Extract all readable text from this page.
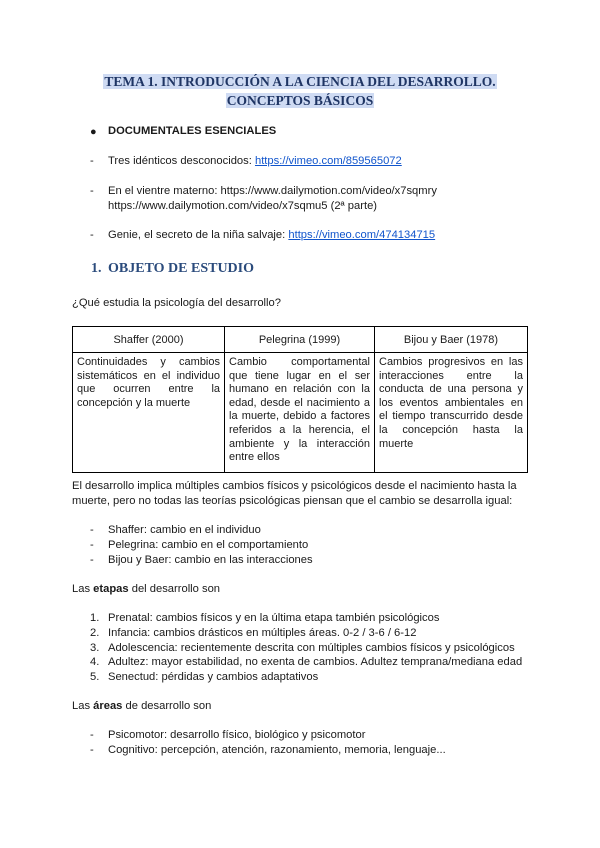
TEMA 1. INTRODUCCIÓN A LA CIENCIA DEL DESARROLLO.
CONCEPTOS BÁSICOS
● DOCUMENTALES ESENCIALES
- Tres idénticos desconocidos: https://vimeo.com/859565072
- En el vientre materno: https://www.dailymotion.com/video/x7sqmry
https://www.dailymotion.com/video/x7sqmu5 (2ª parte)
- Genie, el secreto de la niña salvaje: https://vimeo.com/474134715
1. OBJETO DE ESTUDIO
¿Qué estudia la psicología del desarrollo?
Shaffer (2000)	Pelegrina (1999)	Bijou y Baer (1978)
Continuidades y cambios sistemáticos en el individuo que ocurren entre la concepción y la muerte	Cambio comportamental que tiene lugar en el ser humano en relación con la edad, desde el nacimiento a la muerte, debido a factores referidos a la herencia, el ambiente y la interacción entre ellos	Cambios progresivos en las interacciones entre la conducta de una persona y los eventos ambientales en el tiempo transcurrido desde la concepción hasta la muerte
El desarrollo implica múltiples cambios físicos y psicológicos desde el nacimiento hasta la
muerte, pero no todas las teorías psicológicas piensan que el cambio se desarrolla igual:
- Shaffer: cambio en el individuo
- Pelegrina: cambio en el comportamiento
- Bijou y Baer: cambio en las interacciones
Las etapas del desarrollo son
1. Prenatal: cambios físicos y en la última etapa también psicológicos
2. Infancia: cambios drásticos en múltiples áreas. 0-2 / 3-6 / 6-12
3. Adolescencia: recientemente descrita con múltiples cambios físicos y psicológicos
4. Adultez: mayor estabilidad, no exenta de cambios. Adultez temprana/mediana edad
5. Senectud: pérdidas y cambios adaptativos
Las áreas de desarrollo son
- Psicomotor: desarrollo físico, biológico y psicomotor
- Cognitivo: percepción, atención, razonamiento, memoria, lenguaje...
